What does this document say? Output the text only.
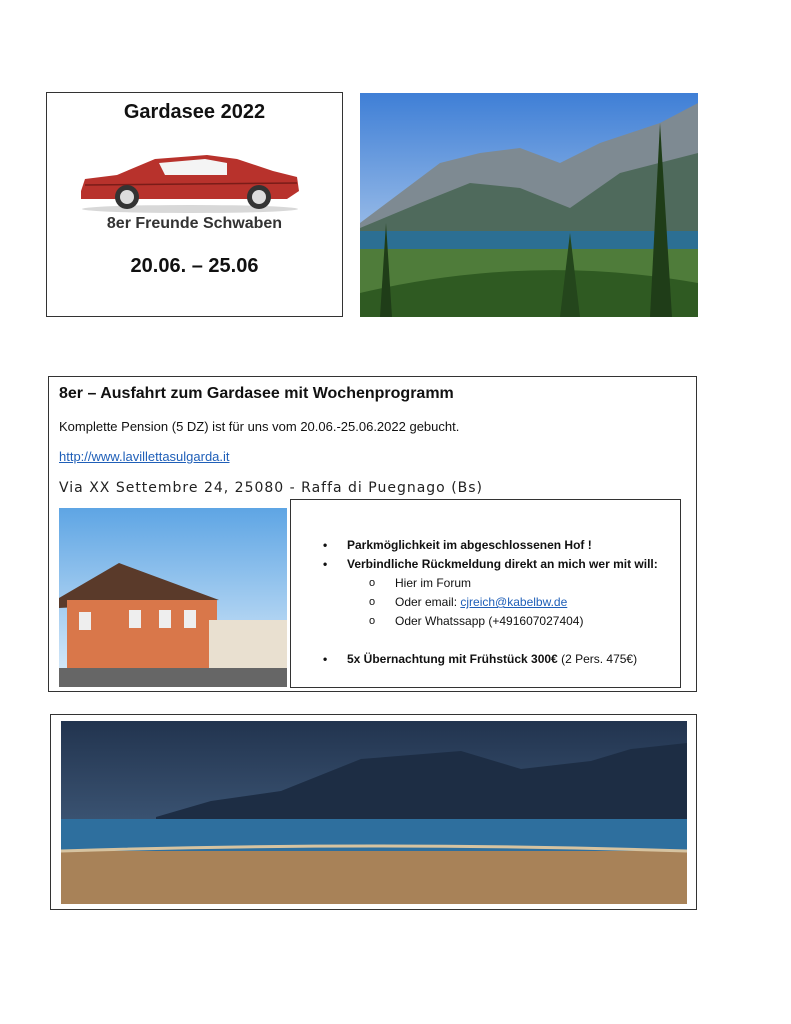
Gardasee 2022
8er Freunde Schwaben
20.06. – 25.06
8er – Ausfahrt zum Gardasee mit Wochenprogramm
Komplette Pension (5 DZ) ist für uns vom 20.06.-25.06.2022 gebucht.
http://www.lavillettasulgarda.it
Via XX Settembre 24, 25080 - Raffa di Puegnago (Bs)
• Parkmöglichkeit im abgeschlossenen Hof !
• Verbindliche Rückmeldung direkt an mich wer mit will:
o Hier im Forum
o Oder email: cjreich@kabelbw.de
o Oder Whatssapp (+491607027404)
• 5x Übernachtung mit Frühstück 300€ (2 Pers. 475€)
